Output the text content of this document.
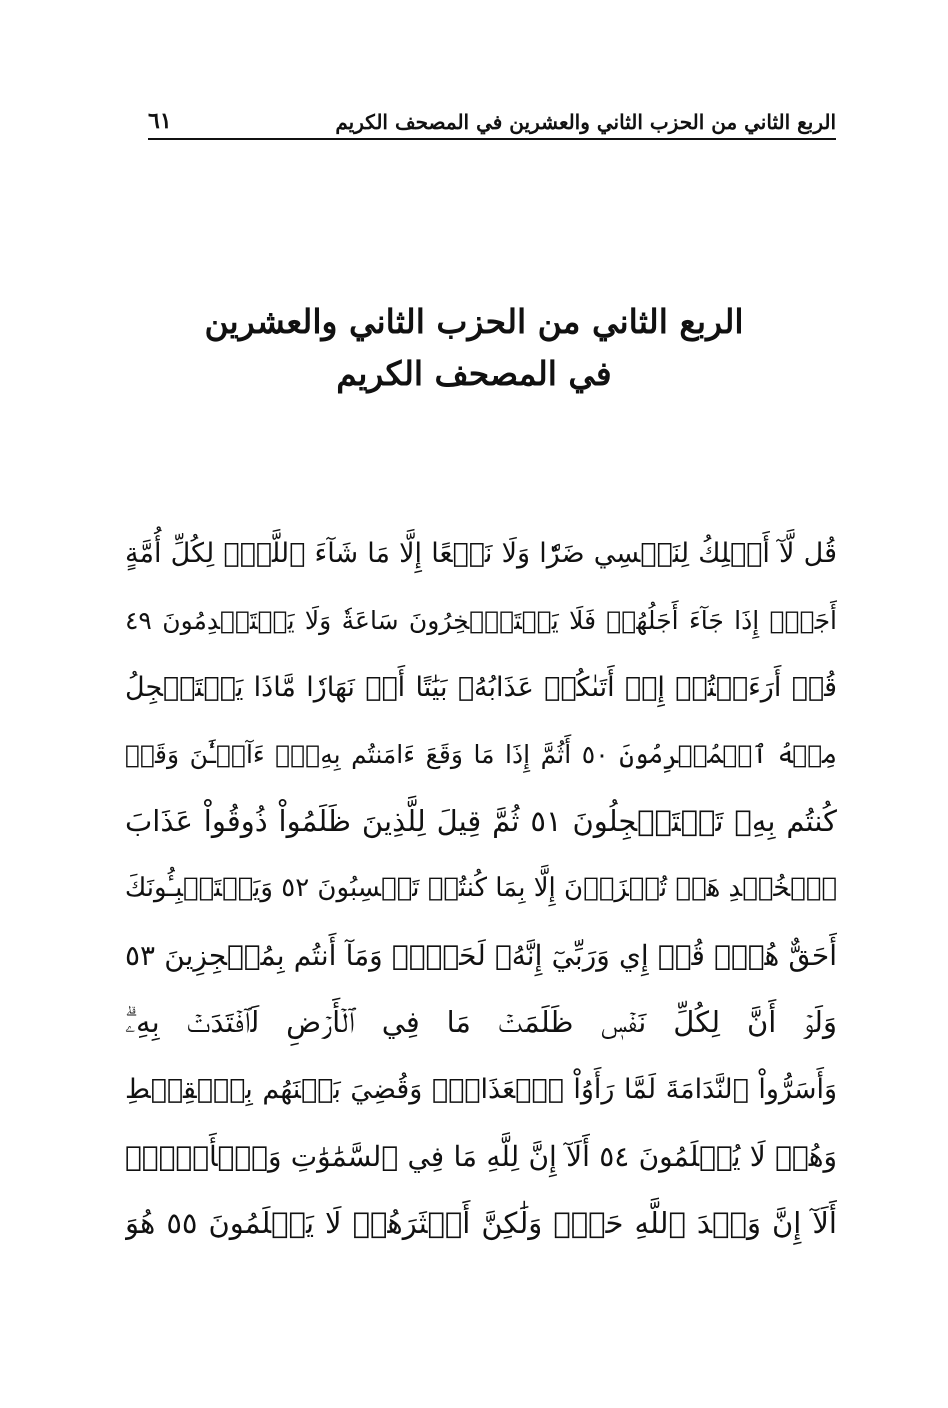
الربع الثاني من الحزب الثاني والعشرين في المصحف الكريم
٦١
الربع الثاني من الحزب الثاني والعشرين
في المصحف الكريم
قُل لَّآ أَمۡلِكُ لِنَفۡسِي ضَرّٗا وَلَا نَفۡعًا إِلَّا مَا شَآءَ ٱللَّهُۗ لِكُلِّ أُمَّةٍ
أَجَلٌۚ إِذَا جَآءَ أَجَلُهُمۡ فَلَا يَسۡتَـٔۡخِرُونَ سَاعَةٗ وَلَا يَسۡتَقۡدِمُونَ ٤٩
قُلۡ أَرَءَيۡتُمۡ إِنۡ أَتَىٰكُمۡ عَذَابُهُۥ بَيَٰتًا أَوۡ نَهَارٗا مَّاذَا يَسۡتَعۡجِلُ
مِنۡهُ ٱلۡمُجۡرِمُونَ ٥٠ أَثُمَّ إِذَا مَا وَقَعَ ءَامَنتُم بِهِۦٓۚ ءَآلۡـَٰٔنَ وَقَدۡ
كُنتُم بِهِۦ تَسۡتَعۡجِلُونَ ٥١ ثُمَّ قِيلَ لِلَّذِينَ ظَلَمُواْ ذُوقُواْ عَذَابَ
ٱلۡخُلۡدِ هَلۡ تُجۡزَوۡنَ إِلَّا بِمَا كُنتُمۡ تَكۡسِبُونَ ٥٢ وَيَسۡتَنۢبِـُٔونَكَ
أَحَقٌّ هُوَۖ قُلۡ إِي وَرَبِّيٓ إِنَّهُۥ لَحَقّٞۖ وَمَآ أَنتُم بِمُعۡجِزِينَ ٥٣
وَلَوۡ أَنَّ لِكُلِّ نَفۡسٖ ظَلَمَتۡ مَا فِي ٱلۡأَرۡضِ لَٱفۡتَدَتۡ بِهِۦۗ
وَأَسَرُّواْ ٱلنَّدَامَةَ لَمَّا رَأَوُاْ ٱلۡعَذَابَۖ وَقُضِيَ بَيۡنَهُم بِٱلۡقِسۡطِ
وَهُمۡ لَا يُظۡلَمُونَ ٥٤ أَلَآ إِنَّ لِلَّهِ مَا فِي ٱلسَّمَٰوَٰتِ وَٱلۡأَرۡضِۗ
أَلَآ إِنَّ وَعۡدَ ٱللَّهِ حَقّٞ وَلَٰكِنَّ أَكۡثَرَهُمۡ لَا يَعۡلَمُونَ ٥٥ هُوَ
